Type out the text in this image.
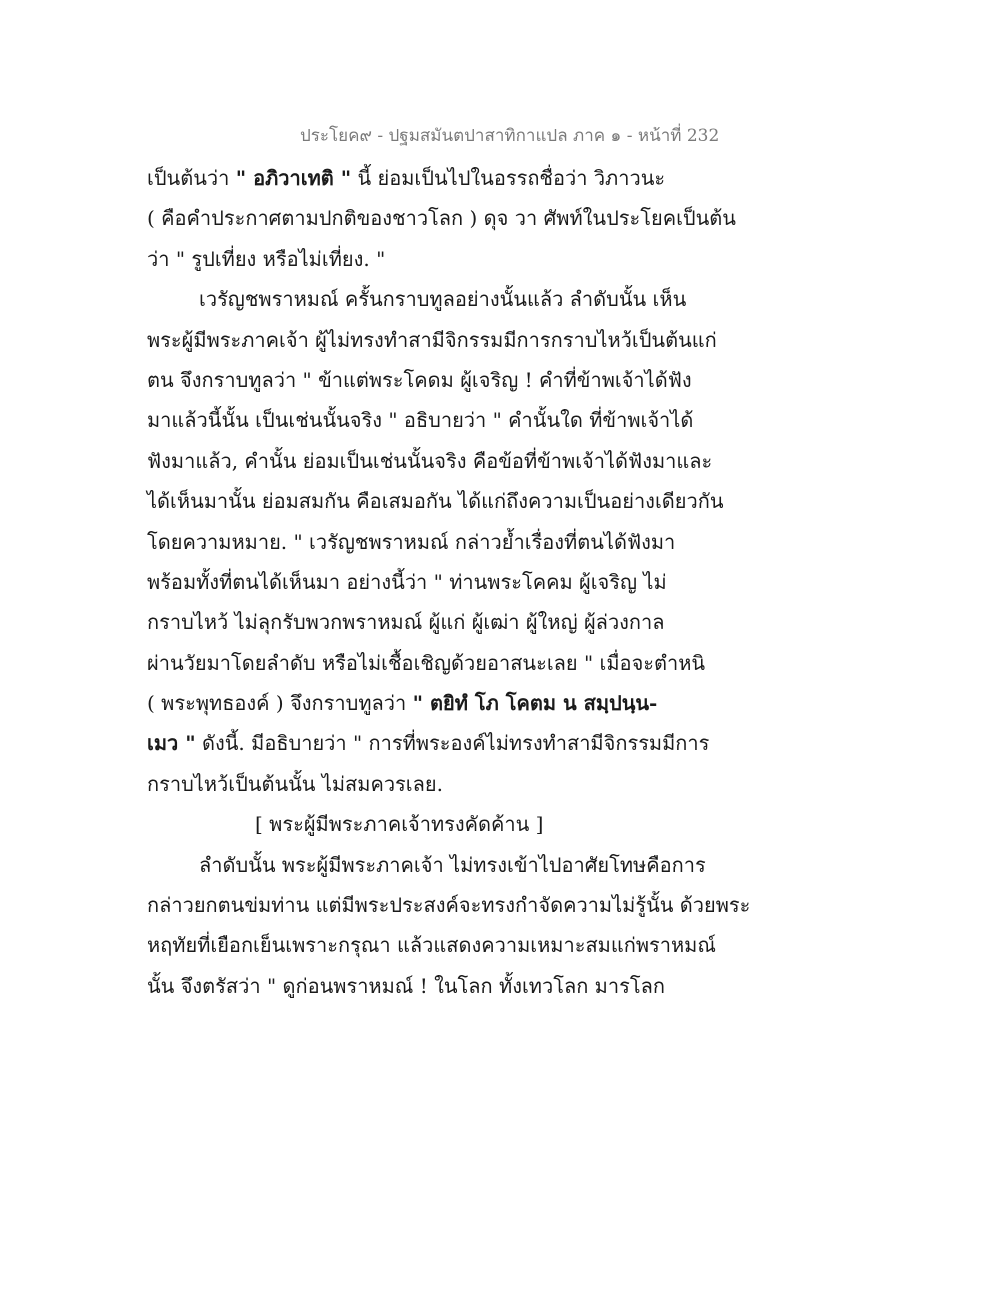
ประโยค๙ - ปฐมสมันตปาสาทิกาแปล ภาค ๑ - หน้าที่ 232
เป็นต้นว่า " อภิวาเทติ " นี้ ย่อมเป็นไปในอรรถชื่อว่า วิภาวนะ
( คือคำประกาศตามปกติของชาวโลก ) ดุจ วา ศัพท์ในประโยคเป็นต้น
ว่า " รูปเที่ยง หรือไม่เที่ยง. "
เวรัญชพราหมณ์ ครั้นกราบทูลอย่างนั้นแล้ว ลำดับนั้น เห็น
พระผู้มีพระภาคเจ้า ผู้ไม่ทรงทำสามีจิกรรมมีการกราบไหว้เป็นต้นแก่
ตน จึงกราบทูลว่า " ข้าแต่พระโคดม ผู้เจริญ ! คำที่ข้าพเจ้าได้ฟัง
มาแล้วนี้นั้น เป็นเช่นนั้นจริง " อธิบายว่า " คำนั้นใด ที่ข้าพเจ้าได้
ฟังมาแล้ว, คำนั้น ย่อมเป็นเช่นนั้นจริง คือข้อที่ข้าพเจ้าได้ฟังมาและ
ได้เห็นมานั้น ย่อมสมกัน คือเสมอกัน ได้แก่ถึงความเป็นอย่างเดียวกัน
โดยความหมาย. " เวรัญชพราหมณ์ กล่าวย้ำเรื่องที่ตนได้ฟังมา
พร้อมทั้งที่ตนได้เห็นมา อย่างนี้ว่า " ท่านพระโคคม ผู้เจริญ ไม่
กราบไหว้ ไม่ลุกรับพวกพราหมณ์ ผู้แก่ ผู้เฒ่า ผู้ใหญ่ ผู้ล่วงกาล
ผ่านวัยมาโดยลำดับ หรือไม่เชื้อเชิญด้วยอาสนะเลย " เมื่อจะตำหนิ
( พระพุทธองค์ ) จึงกราบทูลว่า " ตยิทํ โภ โคตม น สมฺปนฺน-
เมว " ดังนี้. มีอธิบายว่า " การที่พระองค์ไม่ทรงทำสามีจิกรรมมีการ
กราบไหว้เป็นต้นนั้น ไม่สมควรเลย.
[ พระผู้มีพระภาคเจ้าทรงคัดค้าน ]
ลำดับนั้น พระผู้มีพระภาคเจ้า ไม่ทรงเข้าไปอาศัยโทษคือการ
กล่าวยกตนข่มท่าน แต่มีพระประสงค์จะทรงกำจัดความไม่รู้นั้น ด้วยพระ
หฤทัยที่เยือกเย็นเพราะกรุณา แล้วแสดงความเหมาะสมแก่พราหมณ์
นั้น จึงตรัสว่า " ดูก่อนพราหมณ์ ! ในโลก ทั้งเทวโลก มารโลก
